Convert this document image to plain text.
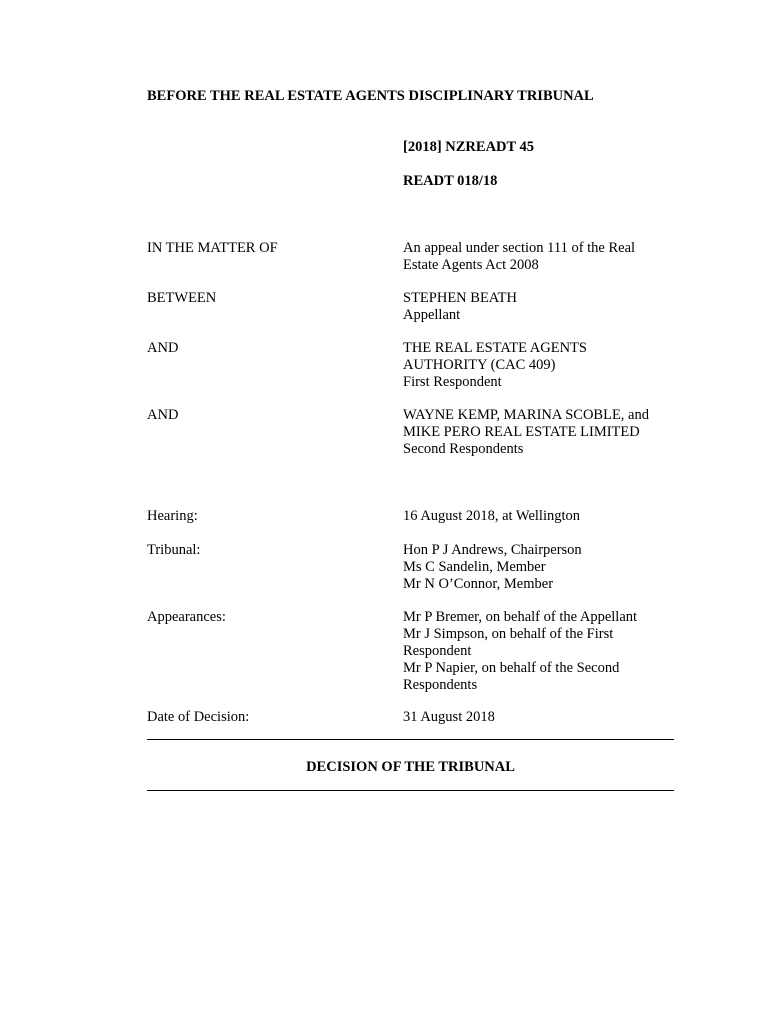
BEFORE THE REAL ESTATE AGENTS DISCIPLINARY TRIBUNAL
[2018] NZREADT 45
READT 018/18
IN THE MATTER OF	An appeal under section 111 of the Real
Estate Agents Act 2008
BETWEEN	STEPHEN BEATH
Appellant
AND	THE REAL ESTATE AGENTS
AUTHORITY (CAC 409)
First Respondent
AND	WAYNE KEMP, MARINA SCOBLE, and
MIKE PERO REAL ESTATE LIMITED
Second Respondents
Hearing:	16 August 2018, at Wellington
Tribunal:	Hon P J Andrews, Chairperson
Ms C Sandelin, Member
Mr N O’Connor, Member
Appearances:	Mr P Bremer, on behalf of the Appellant
Mr J Simpson, on behalf of the First
Respondent
Mr P Napier, on behalf of the Second
Respondents
Date of Decision:	31 August 2018
DECISION OF THE TRIBUNAL
